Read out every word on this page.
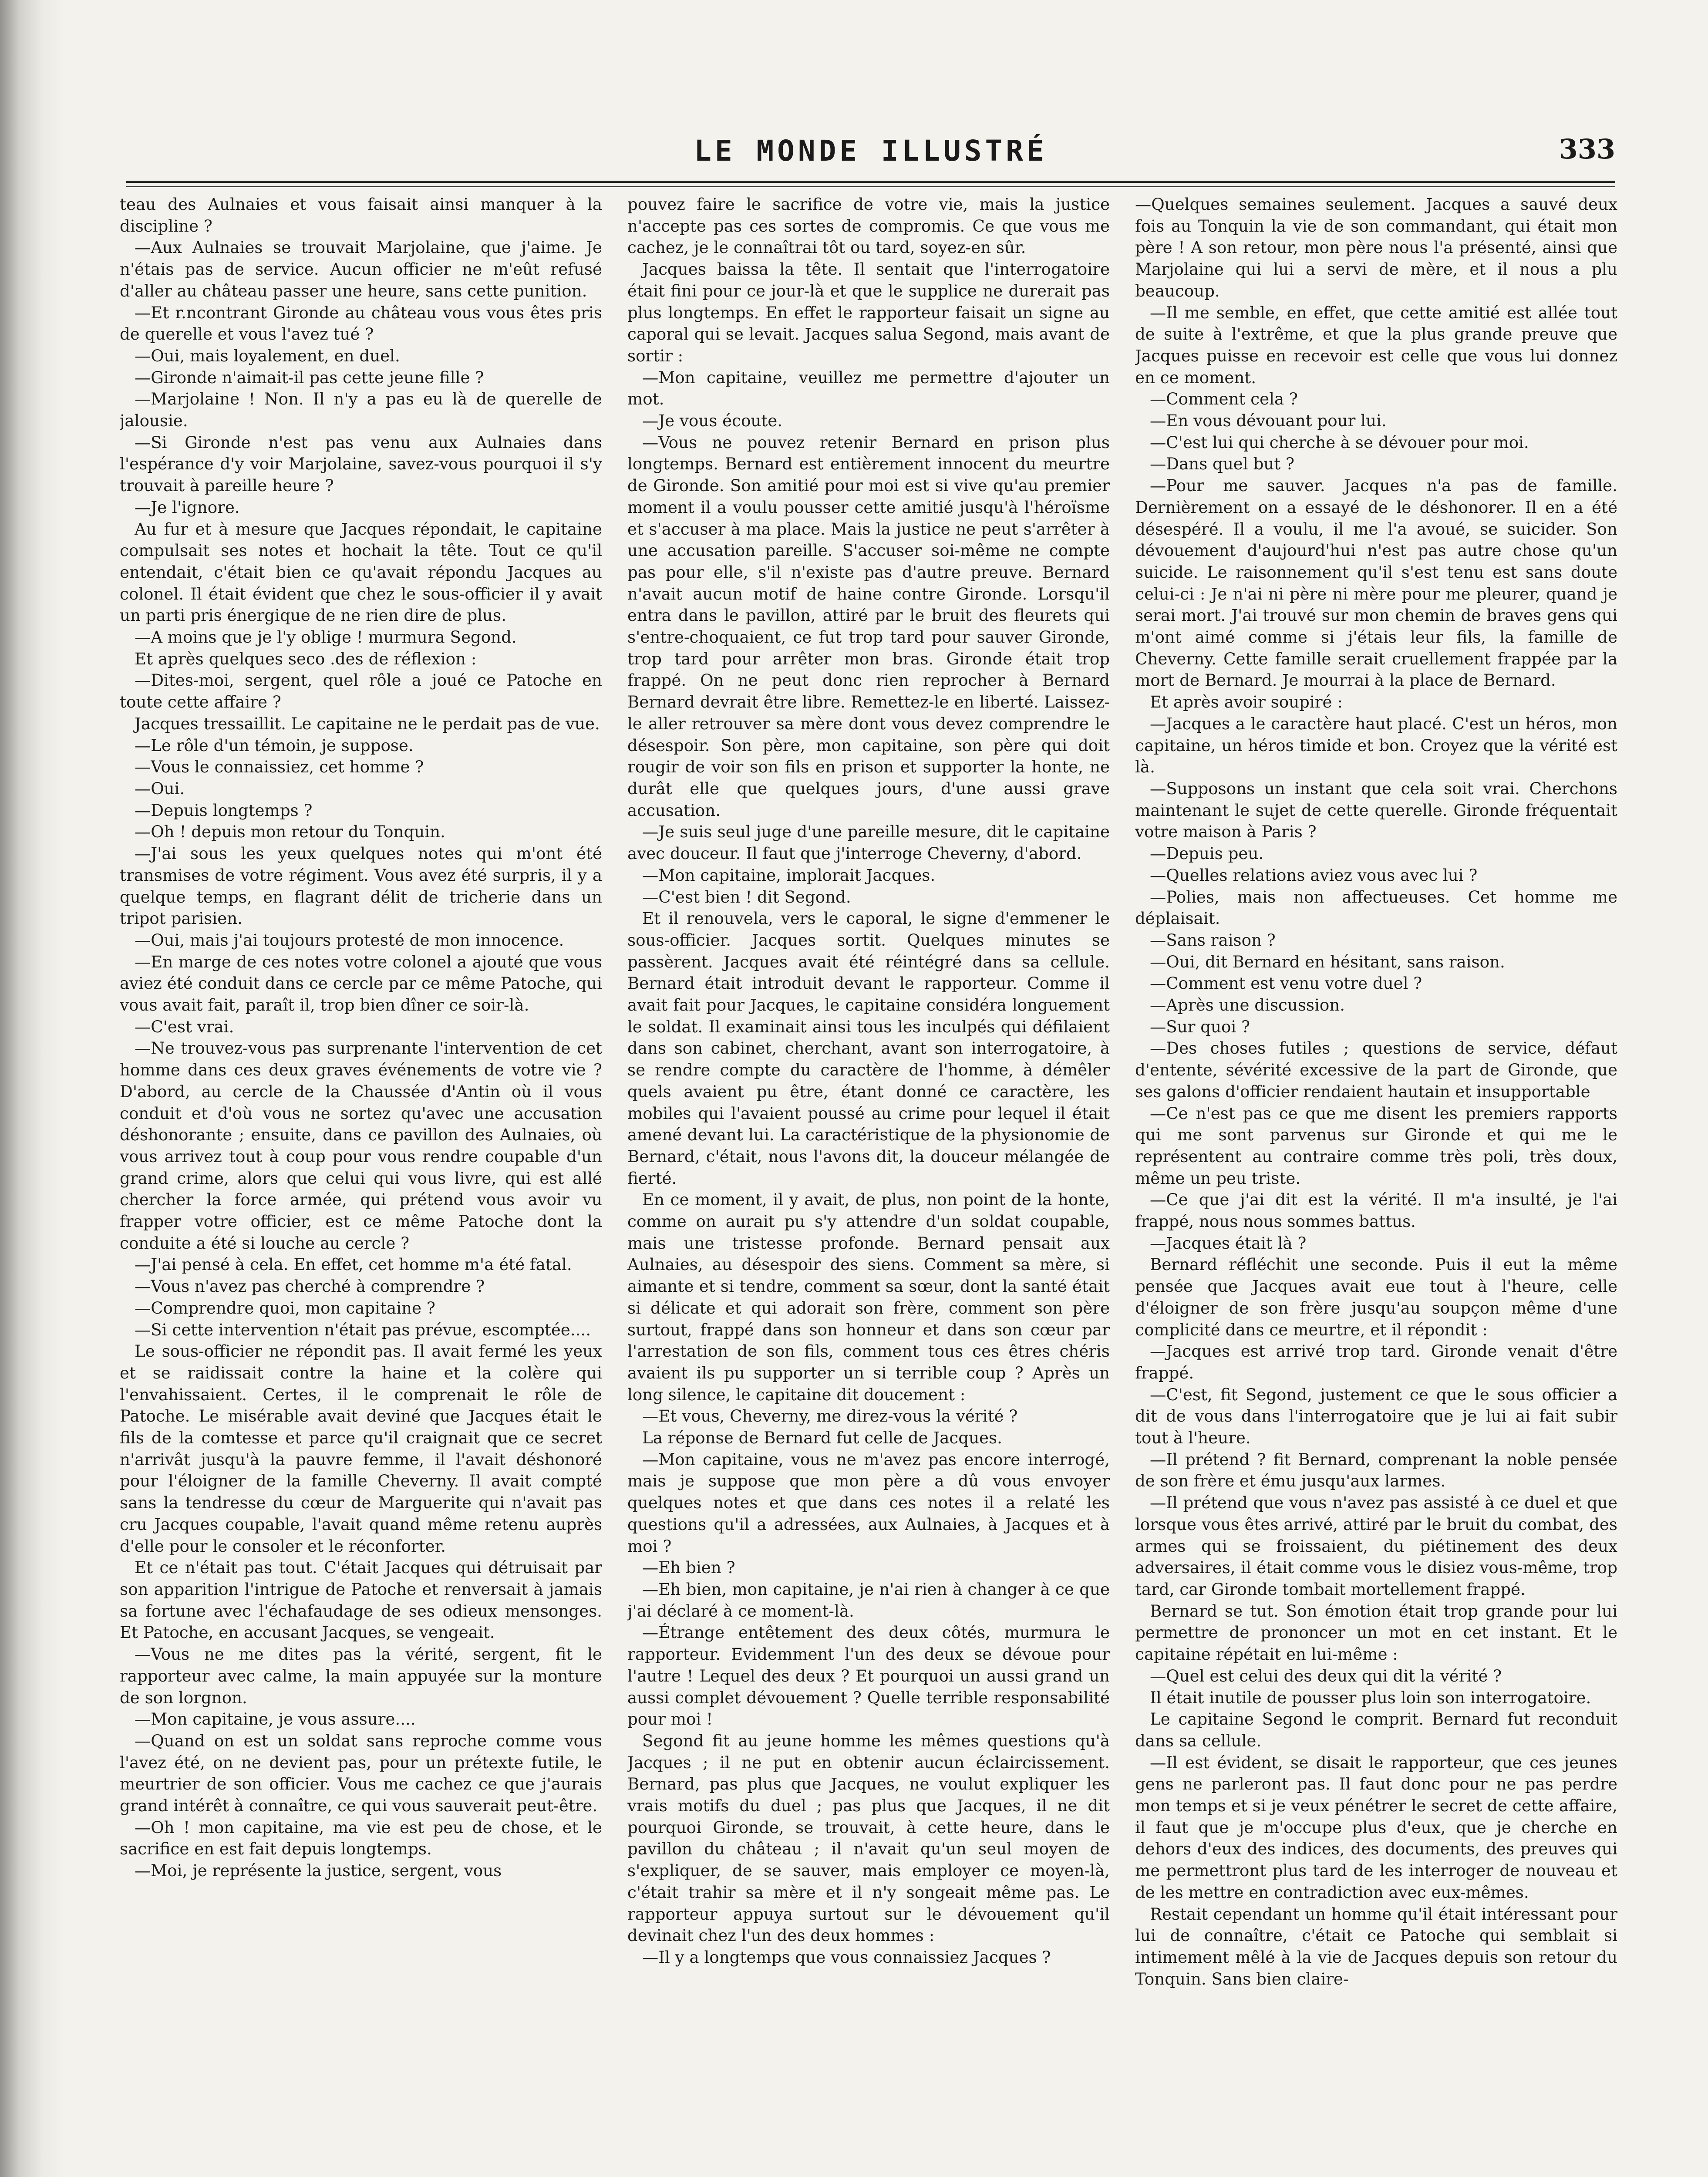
LE MONDE ILLUSTRÉ	333

teau des Aulnaies et vous faisait ainsi manquer à la discipline ?

—Aux Aulnaies se trouvait Marjolaine, que j'aime. Je n'étais pas de service. Aucun officier ne m'eût refusé d'aller au château passer une heure, sans cette punition.

—Et r.ncontrant Gironde au château vous vous êtes pris de querelle et vous l'avez tué ?

—Oui, mais loyalement, en duel.

—Gironde n'aimait-il pas cette jeune fille ?

—Marjolaine ! Non. Il n'y a pas eu là de querelle de jalousie.

—Si Gironde n'est pas venu aux Aulnaies dans l'espérance d'y voir Marjolaine, savez-vous pourquoi il s'y trouvait à pareille heure ?

—Je l'ignore.

Au fur et à mesure que Jacques répondait, le capitaine compulsait ses notes et hochait la tête. Tout ce qu'il entendait, c'était bien ce qu'avait répondu Jacques au colonel. Il était évident que chez le sous-officier il y avait un parti pris énergique de ne rien dire de plus.

—A moins que je l'y oblige ! murmura Segond.

Et après quelques seco .des de réflexion :

—Dites-moi, sergent, quel rôle a joué ce Patoche en toute cette affaire ?

Jacques tressaillit. Le capitaine ne le perdait pas de vue.

—Le rôle d'un témoin, je suppose.

—Vous le connaissiez, cet homme ?

—Oui.

—Depuis longtemps ?

—Oh ! depuis mon retour du Tonquin.

—J'ai sous les yeux quelques notes qui m'ont été transmises de votre régiment. Vous avez été surpris, il y a quelque temps, en flagrant délit de tricherie dans un tripot parisien.

—Oui, mais j'ai toujours protesté de mon innocence.

—En marge de ces notes votre colonel a ajouté que vous aviez été conduit dans ce cercle par ce même Patoche, qui vous avait fait, paraît il, trop bien dîner ce soir-là.

—C'est vrai.

—Ne trouvez-vous pas surprenante l'intervention de cet homme dans ces deux graves événements de votre vie ? D'abord, au cercle de la Chaussée d'Antin où il vous conduit et d'où vous ne sortez qu'avec une accusation déshonorante ; ensuite, dans ce pavillon des Aulnaies, où vous arrivez tout à coup pour vous rendre coupable d'un grand crime, alors que celui qui vous livre, qui est allé chercher la force armée, qui prétend vous avoir vu frapper votre officier, est ce même Patoche dont la conduite a été si louche au cercle ?

—J'ai pensé à cela. En effet, cet homme m'a été fatal.

—Vous n'avez pas cherché à comprendre ?

—Comprendre quoi, mon capitaine ?

—Si cette intervention n'était pas prévue, escomptée....

Le sous-officier ne répondit pas. Il avait fermé les yeux et se raidissait contre la haine et la colère qui l'envahissaient. Certes, il le comprenait le rôle de Patoche. Le misérable avait deviné que Jacques était le fils de la comtesse et parce qu'il craignait que ce secret n'arrivât jusqu'à la pauvre femme, il l'avait déshonoré pour l'éloigner de la famille Cheverny. Il avait compté sans la tendresse du cœur de Marguerite qui n'avait pas cru Jacques coupable, l'avait quand même retenu auprès d'elle pour le consoler et le réconforter.

Et ce n'était pas tout. C'était Jacques qui détruisait par son apparition l'intrigue de Patoche et renversait à jamais sa fortune avec l'échafaudage de ses odieux mensonges. Et Patoche, en accusant Jacques, se vengeait.

—Vous ne me dites pas la vérité, sergent, fit le rapporteur avec calme, la main appuyée sur la monture de son lorgnon.

—Mon capitaine, je vous assure....

—Quand on est un soldat sans reproche comme vous l'avez été, on ne devient pas, pour un prétexte futile, le meurtrier de son officier. Vous me cachez ce que j'aurais grand intérêt à connaître, ce qui vous sauverait peut-être.

—Oh ! mon capitaine, ma vie est peu de chose, et le sacrifice en est fait depuis longtemps.

—Moi, je représente la justice, sergent, vous

pouvez faire le sacrifice de votre vie, mais la justice n'accepte pas ces sortes de compromis. Ce que vous me cachez, je le connaîtrai tôt ou tard, soyez-en sûr.

Jacques baissa la tête. Il sentait que l'interrogatoire était fini pour ce jour-là et que le supplice ne durerait pas plus longtemps. En effet le rapporteur faisait un signe au caporal qui se levait. Jacques salua Segond, mais avant de sortir :

—Mon capitaine, veuillez me permettre d'ajouter un mot.

—Je vous écoute.

—Vous ne pouvez retenir Bernard en prison plus longtemps. Bernard est entièrement innocent du meurtre de Gironde. Son amitié pour moi est si vive qu'au premier moment il a voulu pousser cette amitié jusqu'à l'héroïsme et s'accuser à ma place. Mais la justice ne peut s'arrêter à une accusation pareille. S'accuser soi-même ne compte pas pour elle, s'il n'existe pas d'autre preuve. Bernard n'avait aucun motif de haine contre Gironde. Lorsqu'il entra dans le pavillon, attiré par le bruit des fleurets qui s'entre-choquaient, ce fut trop tard pour sauver Gironde, trop tard pour arrêter mon bras. Gironde était trop frappé. On ne peut donc rien reprocher à Bernard Bernard devrait être libre. Remettez-le en liberté. Laissez-le aller retrouver sa mère dont vous devez comprendre le désespoir. Son père, mon capitaine, son père qui doit rougir de voir son fils en prison et supporter la honte, ne durât elle que quelques jours, d'une aussi grave accusation.

—Je suis seul juge d'une pareille mesure, dit le capitaine avec douceur. Il faut que j'interroge Cheverny, d'abord.

—Mon capitaine, implorait Jacques.

—C'est bien ! dit Segond.

Et il renouvela, vers le caporal, le signe d'emmener le sous-officier. Jacques sortit. Quelques minutes se passèrent. Jacques avait été réintégré dans sa cellule. Bernard était introduit devant le rapporteur. Comme il avait fait pour Jacques, le capitaine considéra longuement le soldat. Il examinait ainsi tous les inculpés qui défilaient dans son cabinet, cherchant, avant son interrogatoire, à se rendre compte du caractère de l'homme, à démêler quels avaient pu être, étant donné ce caractère, les mobiles qui l'avaient poussé au crime pour lequel il était amené devant lui. La caractéristique de la physionomie de Bernard, c'était, nous l'avons dit, la douceur mélangée de fierté.

En ce moment, il y avait, de plus, non point de la honte, comme on aurait pu s'y attendre d'un soldat coupable, mais une tristesse profonde. Bernard pensait aux Aulnaies, au désespoir des siens. Comment sa mère, si aimante et si tendre, comment sa sœur, dont la santé était si délicate et qui adorait son frère, comment son père surtout, frappé dans son honneur et dans son cœur par l'arrestation de son fils, comment tous ces êtres chéris avaient ils pu supporter un si terrible coup ? Après un long silence, le capitaine dit doucement :

—Et vous, Cheverny, me direz-vous la vérité ?

La réponse de Bernard fut celle de Jacques.

—Mon capitaine, vous ne m'avez pas encore interrogé, mais je suppose que mon père a dû vous envoyer quelques notes et que dans ces notes il a relaté les questions qu'il a adressées, aux Aulnaies, à Jacques et à moi ?

—Eh bien ?

—Eh bien, mon capitaine, je n'ai rien à changer à ce que j'ai déclaré à ce moment-là.

—Étrange entêtement des deux côtés, murmura le rapporteur. Evidemment l'un des deux se dévoue pour l'autre ! Lequel des deux ? Et pourquoi un aussi grand un aussi complet dévouement ? Quelle terrible responsabilité pour moi !

Segond fit au jeune homme les mêmes questions qu'à Jacques ; il ne put en obtenir aucun éclaircissement. Bernard, pas plus que Jacques, ne voulut expliquer les vrais motifs du duel ; pas plus que Jacques, il ne dit pourquoi Gironde, se trouvait, à cette heure, dans le pavillon du château ; il n'avait qu'un seul moyen de s'expliquer, de se sauver, mais employer ce moyen-là, c'était trahir sa mère et il n'y songeait même pas. Le rapporteur appuya surtout sur le dévouement qu'il devinait chez l'un des deux hommes :

—Il y a longtemps que vous connaissiez Jacques ?

—Quelques semaines seulement. Jacques a sauvé deux fois au Tonquin la vie de son commandant, qui était mon père ! A son retour, mon père nous l'a présenté, ainsi que Marjolaine qui lui a servi de mère, et il nous a plu beaucoup.

—Il me semble, en effet, que cette amitié est allée tout de suite à l'extrême, et que la plus grande preuve que Jacques puisse en recevoir est celle que vous lui donnez en ce moment.

—Comment cela ?

—En vous dévouant pour lui.

—C'est lui qui cherche à se dévouer pour moi.

—Dans quel but ?

—Pour me sauver. Jacques n'a pas de famille. Dernièrement on a essayé de le déshonorer. Il en a été désespéré. Il a voulu, il me l'a avoué, se suicider. Son dévouement d'aujourd'hui n'est pas autre chose qu'un suicide. Le raisonnement qu'il s'est tenu est sans doute celui-ci : Je n'ai ni père ni mère pour me pleurer, quand je serai mort. J'ai trouvé sur mon chemin de braves gens qui m'ont aimé comme si j'étais leur fils, la famille de Cheverny. Cette famille serait cruellement frappée par la mort de Bernard. Je mourrai à la place de Bernard.

Et après avoir soupiré :

—Jacques a le caractère haut placé. C'est un héros, mon capitaine, un héros timide et bon. Croyez que la vérité est là.

—Supposons un instant que cela soit vrai. Cherchons maintenant le sujet de cette querelle. Gironde fréquentait votre maison à Paris ?

—Depuis peu.

—Quelles relations aviez vous avec lui ?

—Polies, mais non affectueuses. Cet homme me déplaisait.

—Sans raison ?

—Oui, dit Bernard en hésitant, sans raison.

—Comment est venu votre duel ?

—Après une discussion.

—Sur quoi ?

—Des choses futiles ; questions de service, défaut d'entente, sévérité excessive de la part de Gironde, que ses galons d'officier rendaient hautain et insupportable

—Ce n'est pas ce que me disent les premiers rapports qui me sont parvenus sur Gironde et qui me le représentent au contraire comme très poli, très doux, même un peu triste.

—Ce que j'ai dit est la vérité. Il m'a insulté, je l'ai frappé, nous nous sommes battus.

—Jacques était là ?

Bernard réfléchit une seconde. Puis il eut la même pensée que Jacques avait eue tout à l'heure, celle d'éloigner de son frère jusqu'au soupçon même d'une complicité dans ce meurtre, et il répondit :

—Jacques est arrivé trop tard. Gironde venait d'être frappé.

—C'est, fit Segond, justement ce que le sous officier a dit de vous dans l'interrogatoire que je lui ai fait subir tout à l'heure.

—Il prétend ? fit Bernard, comprenant la noble pensée de son frère et ému jusqu'aux larmes.

—Il prétend que vous n'avez pas assisté à ce duel et que lorsque vous êtes arrivé, attiré par le bruit du combat, des armes qui se froissaient, du piétinement des deux adversaires, il était comme vous le disiez vous-même, trop tard, car Gironde tombait mortellement frappé.

Bernard se tut. Son émotion était trop grande pour lui permettre de prononcer un mot en cet instant. Et le capitaine répétait en lui-même :

—Quel est celui des deux qui dit la vérité ?

Il était inutile de pousser plus loin son interrogatoire.

Le capitaine Segond le comprit. Bernard fut reconduit dans sa cellule.

—Il est évident, se disait le rapporteur, que ces jeunes gens ne parleront pas. Il faut donc pour ne pas perdre mon temps et si je veux pénétrer le secret de cette affaire, il faut que je m'occupe plus d'eux, que je cherche en dehors d'eux des indices, des documents, des preuves qui me permettront plus tard de les interroger de nouveau et de les mettre en contradiction avec eux-mêmes.

Restait cependant un homme qu'il était intéressant pour lui de connaître, c'était ce Patoche qui semblait si intimement mêlé à la vie de Jacques depuis son retour du Tonquin. Sans bien claire-
